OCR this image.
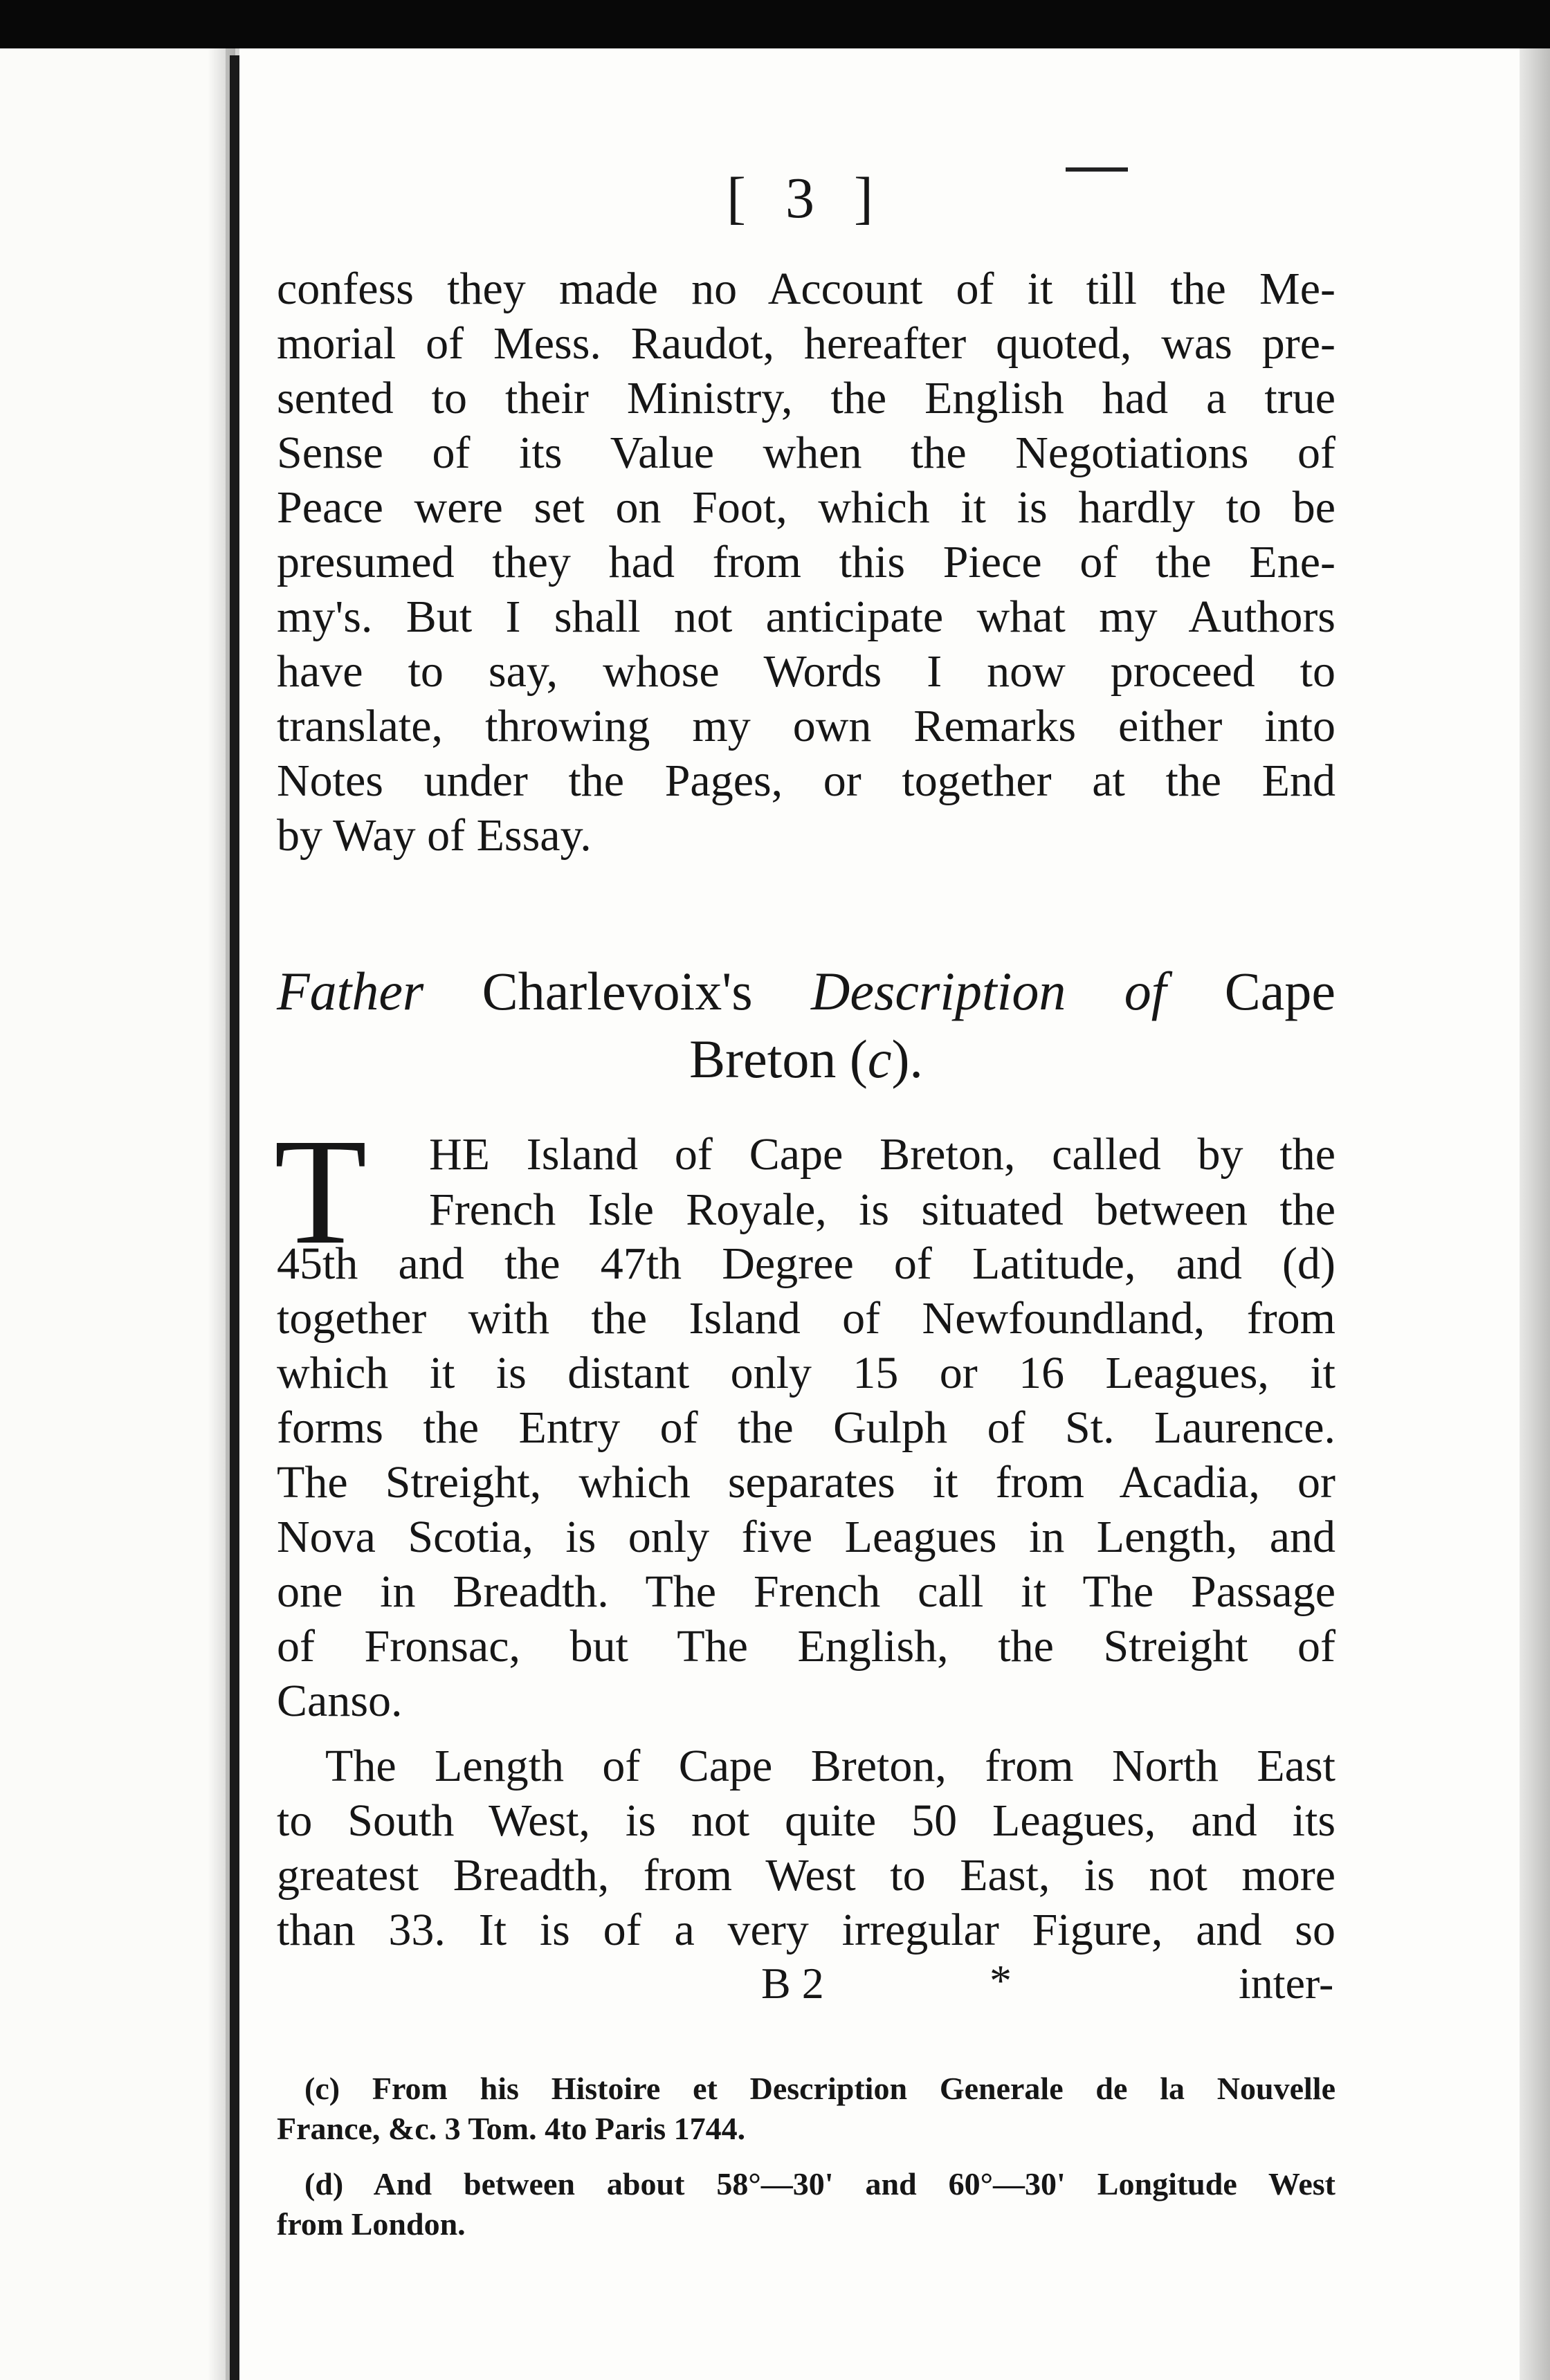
[ 3 ]
confess they made no Account of it till the Me-
morial of Mess. Raudot, hereafter quoted, was pre-
sented to their Ministry, the English had a true
Sense of its Value when the Negotiations of
Peace were set on Foot, which it is hardly to be
presumed they had from this Piece of the Ene-
my's. But I shall not anticipate what my Authors
have to say, whose Words I now proceed to
translate, throwing my own Remarks either into
Notes under the Pages, or together at the End
by Way of Essay.
Father Charlevoix's Description of Cape
Breton (c).
T HE Island of Cape Breton, called by the
French Isle Royale, is situated between the
45th and the 47th Degree of Latitude, and (d)
together with the Island of Newfoundland, from
which it is distant only 15 or 16 Leagues, it
forms the Entry of the Gulph of St. Laurence.
The Streight, which separates it from Acadia, or
Nova Scotia, is only five Leagues in Length, and
one in Breadth. The French call it The Passage
of Fronsac, but The English, the Streight of
Canso.
The Length of Cape Breton, from North East
to South West, is not quite 50 Leagues, and its
greatest Breadth, from West to East, is not more
than 33. It is of a very irregular Figure, and so
B 2	*	inter-
(c) From his Histoire et Description Generale de la Nouvelle
France, &c. 3 Tom. 4to Paris 1744.
(d) And between about 58°—30' and 60°—30' Longitude West
from London.
